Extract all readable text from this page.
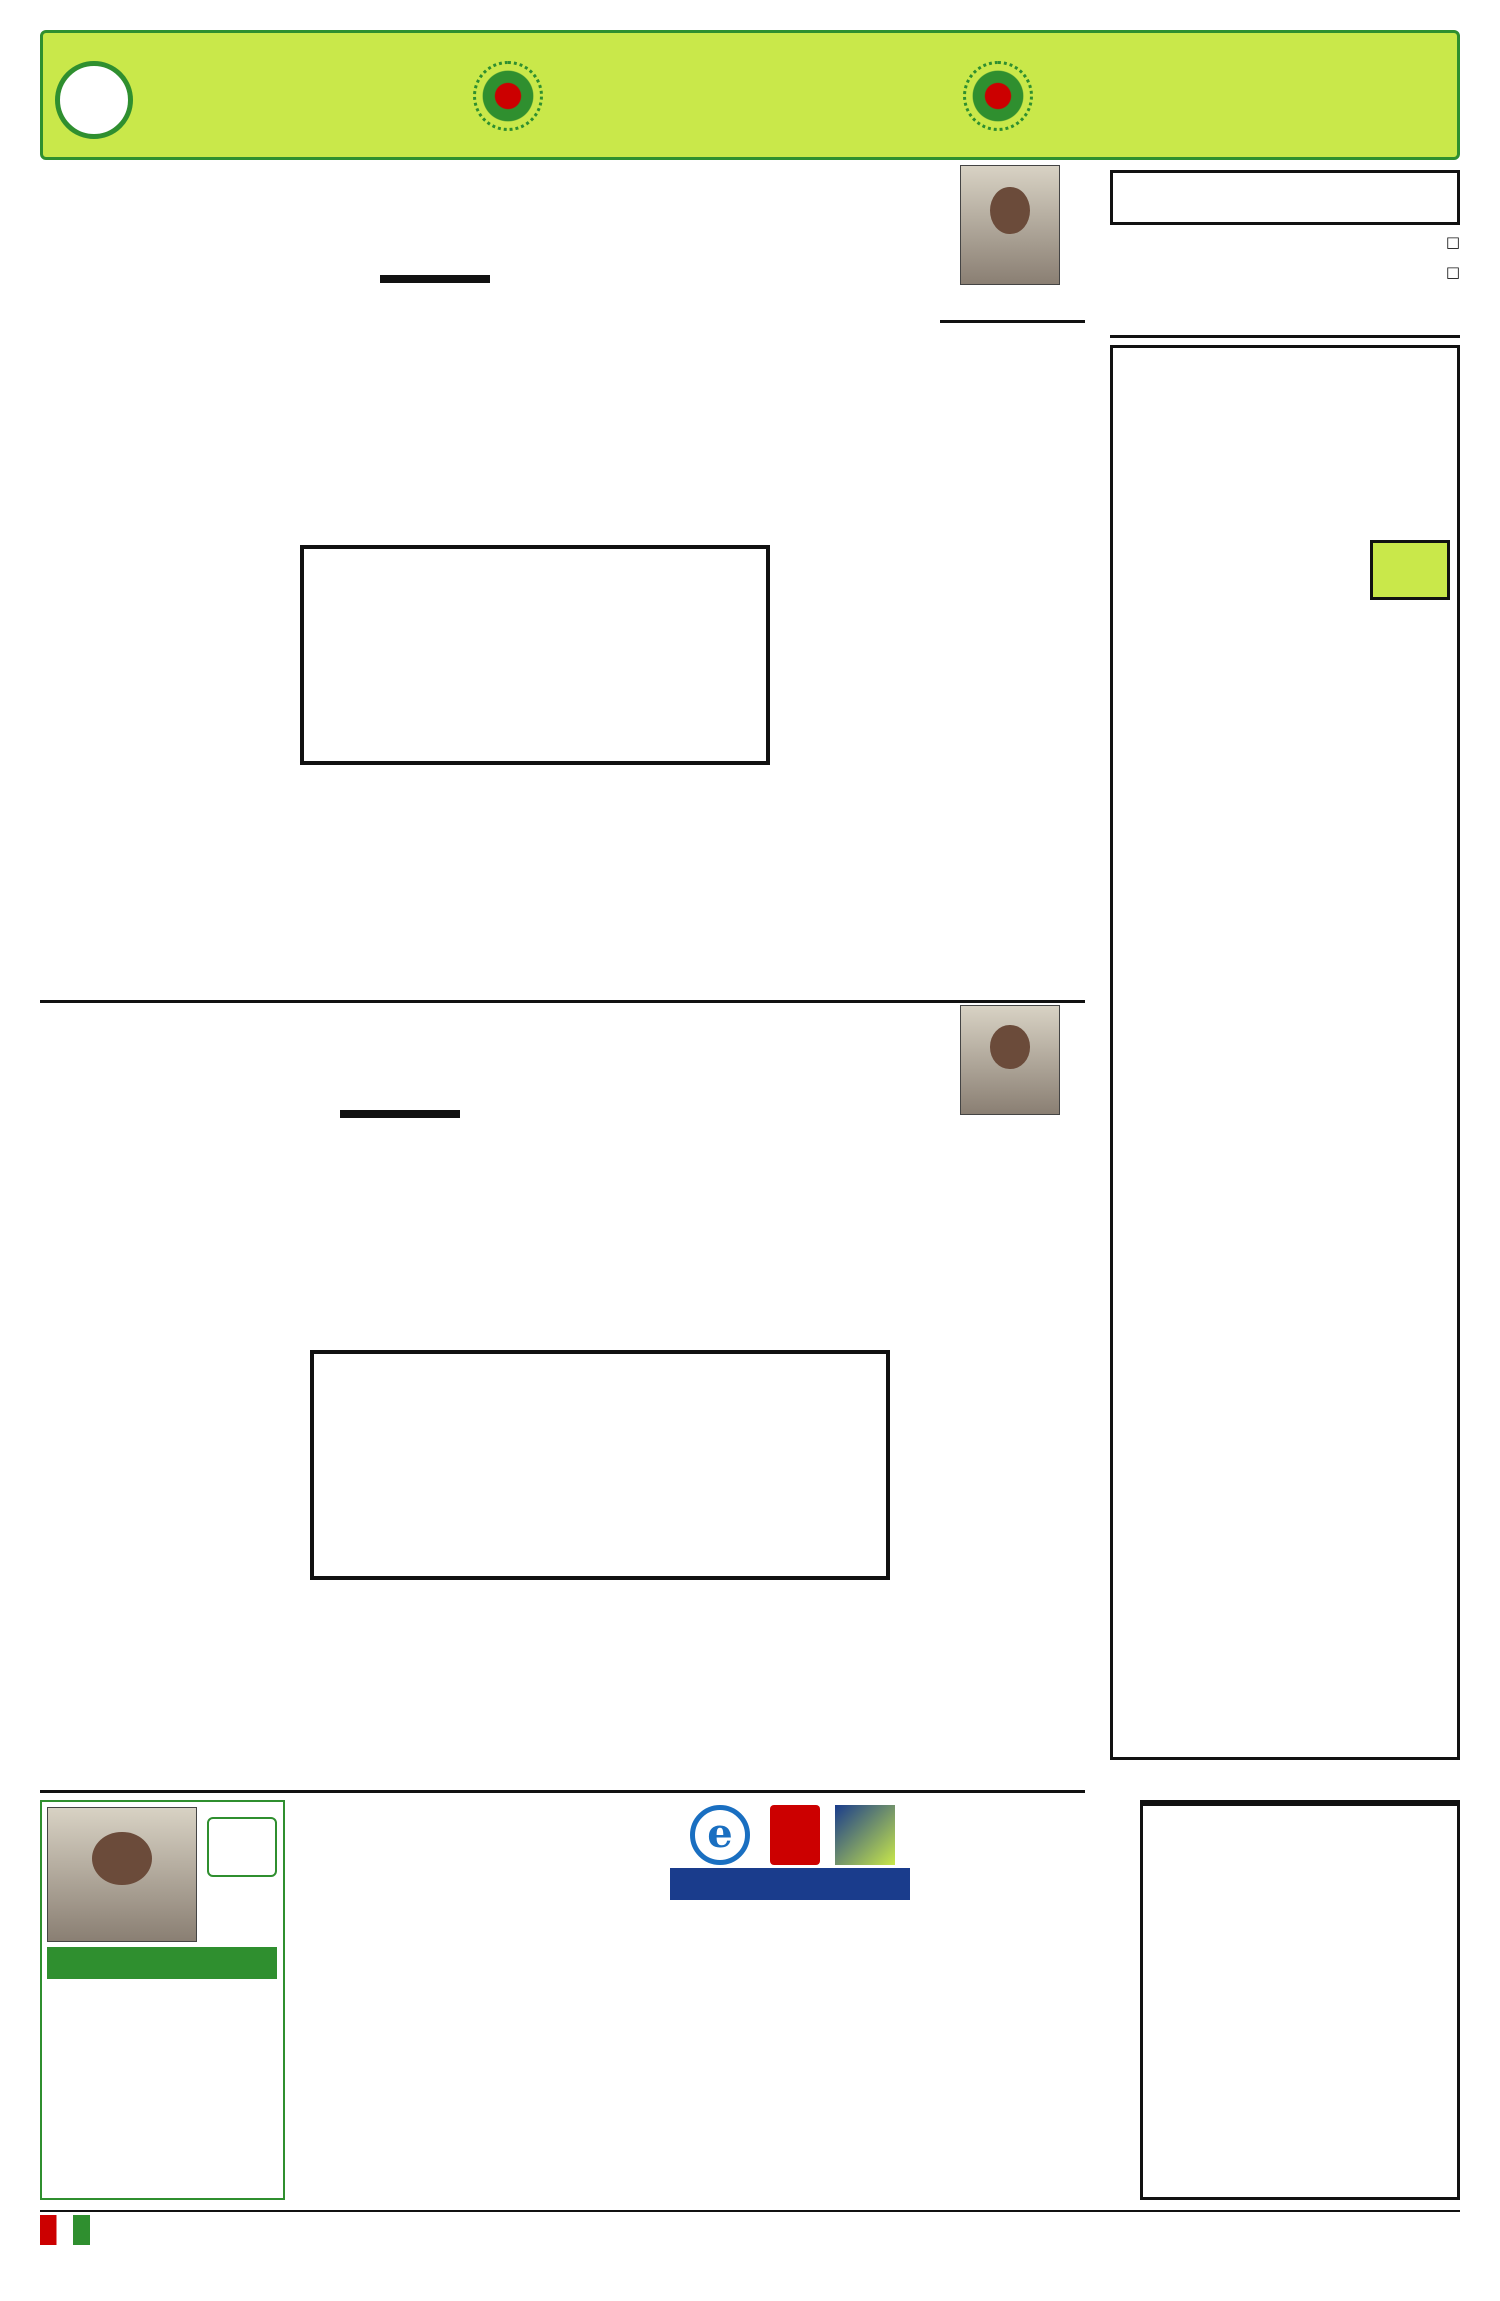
□
□
e
